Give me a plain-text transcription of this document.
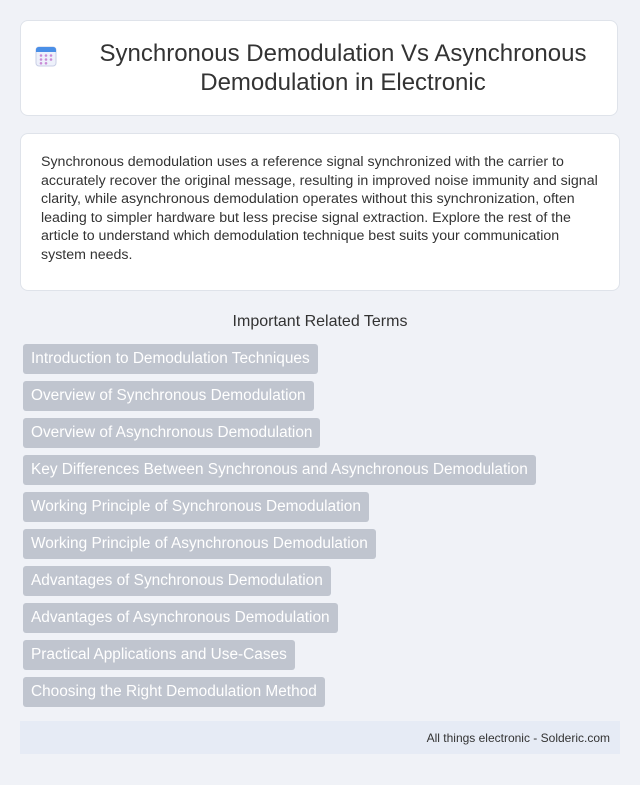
Synchronous Demodulation Vs Asynchronous Demodulation in Electronic

Synchronous demodulation uses a reference signal synchronized with the carrier to accurately recover the original message, resulting in improved noise immunity and signal clarity, while asynchronous demodulation operates without this synchronization, often leading to simpler hardware but less precise signal extraction. Explore the rest of the article to understand which demodulation technique best suits your communication system needs.

Important Related Terms
Introduction to Demodulation Techniques
Overview of Synchronous Demodulation
Overview of Asynchronous Demodulation
Key Differences Between Synchronous and Asynchronous Demodulation
Working Principle of Synchronous Demodulation
Working Principle of Asynchronous Demodulation
Advantages of Synchronous Demodulation
Advantages of Asynchronous Demodulation
Practical Applications and Use-Cases
Choosing the Right Demodulation Method
All things electronic - Solderic.com
